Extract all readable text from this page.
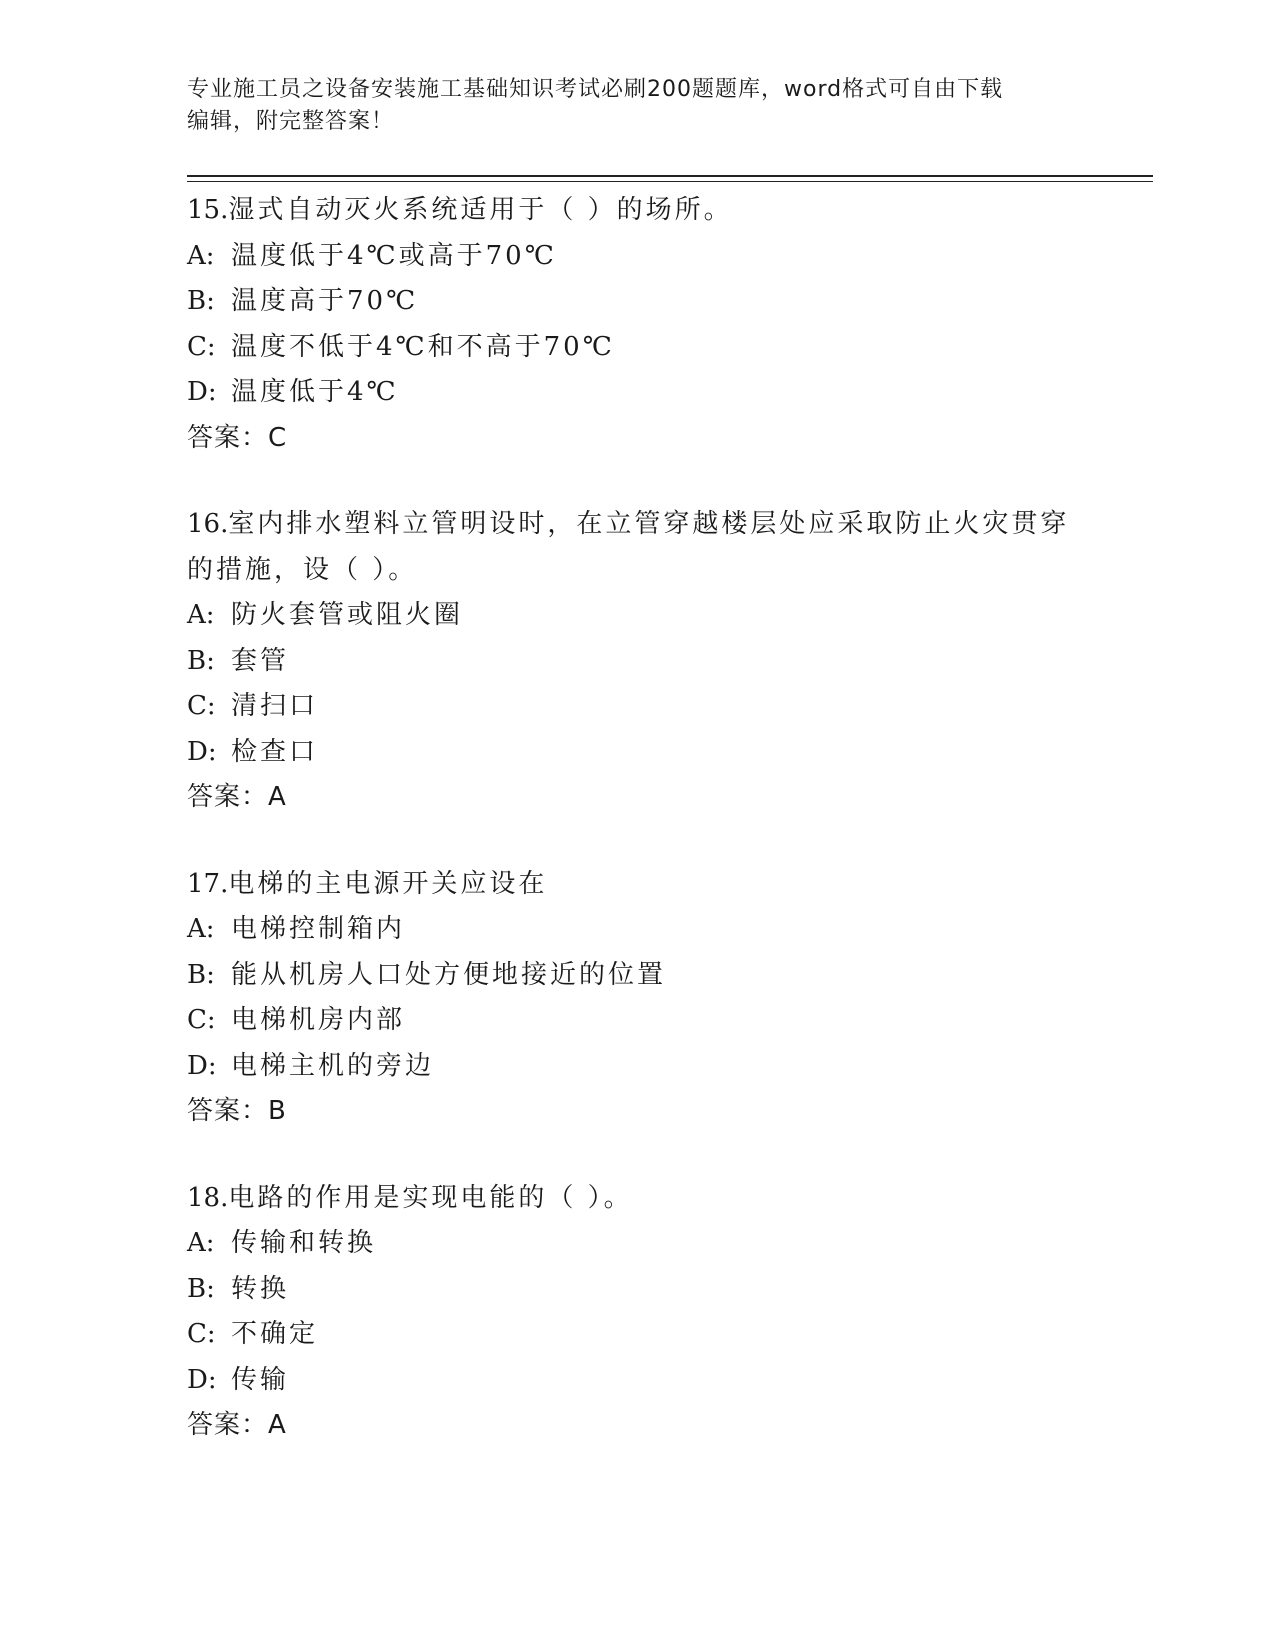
专业施工员之设备安装施工基础知识考试必刷200题题库，word格式可自由下载
编辑，附完整答案！
15.湿式自动灭火系统适用于（ ）的场所。
A: 温度低于4℃或高于70℃
B: 温度高于70℃
C: 温度不低于4℃和不高于70℃
D: 温度低于4℃
答案：C
16.室内排水塑料立管明设时，在立管穿越楼层处应采取防止火灾贯穿
的措施，设（ ）。
A: 防火套管或阻火圈
B: 套管
C: 清扫口
D: 检查口
答案：A
17.电梯的主电源开关应设在
A: 电梯控制箱内
B: 能从机房人口处方便地接近的位置
C: 电梯机房内部
D: 电梯主机的旁边
答案：B
18.电路的作用是实现电能的（ ）。
A: 传输和转换
B: 转换
C: 不确定
D: 传输
答案：A
